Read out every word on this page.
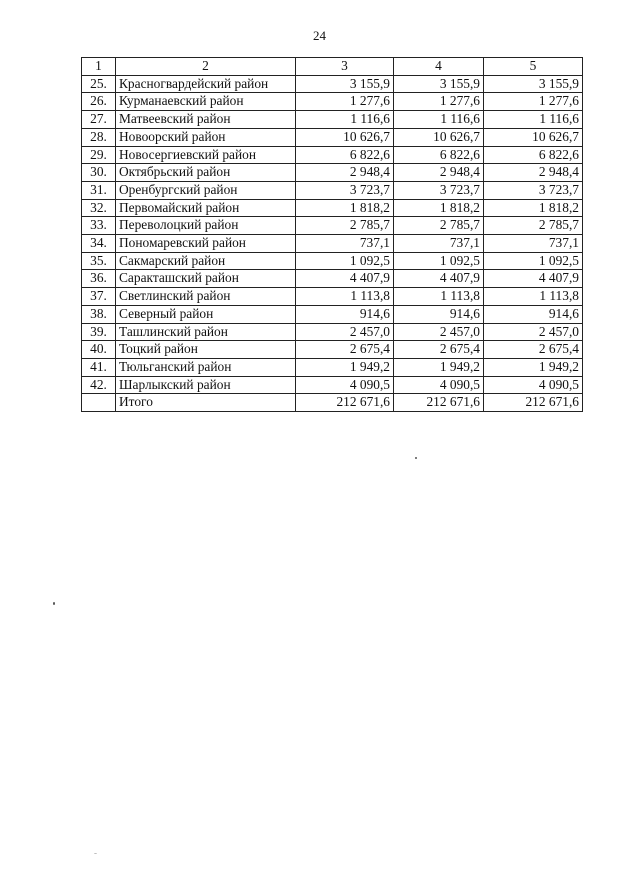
24
1	2	3	4	5
25.	Красногвардейский район	3 155,9	3 155,9	3 155,9
26.	Курманаевский район	1 277,6	1 277,6	1 277,6
27.	Матвеевский район	1 116,6	1 116,6	1 116,6
28.	Новоорский район	10 626,7	10 626,7	10 626,7
29.	Новосергиевский район	6 822,6	6 822,6	6 822,6
30.	Октябрьский район	2 948,4	2 948,4	2 948,4
31.	Оренбургский район	3 723,7	3 723,7	3 723,7
32.	Первомайский район	1 818,2	1 818,2	1 818,2
33.	Переволоцкий район	2 785,7	2 785,7	2 785,7
34.	Пономаревский район	737,1	737,1	737,1
35.	Сакмарский район	1 092,5	1 092,5	1 092,5
36.	Саракташский район	4 407,9	4 407,9	4 407,9
37.	Светлинский район	1 113,8	1 113,8	1 113,8
38.	Северный район	914,6	914,6	914,6
39.	Ташлинский район	2 457,0	2 457,0	2 457,0
40.	Тоцкий район	2 675,4	2 675,4	2 675,4
41.	Тюльганский район	1 949,2	1 949,2	1 949,2
42.	Шарлыкский район	4 090,5	4 090,5	4 090,5
	Итого	212 671,6	212 671,6	212 671,6
